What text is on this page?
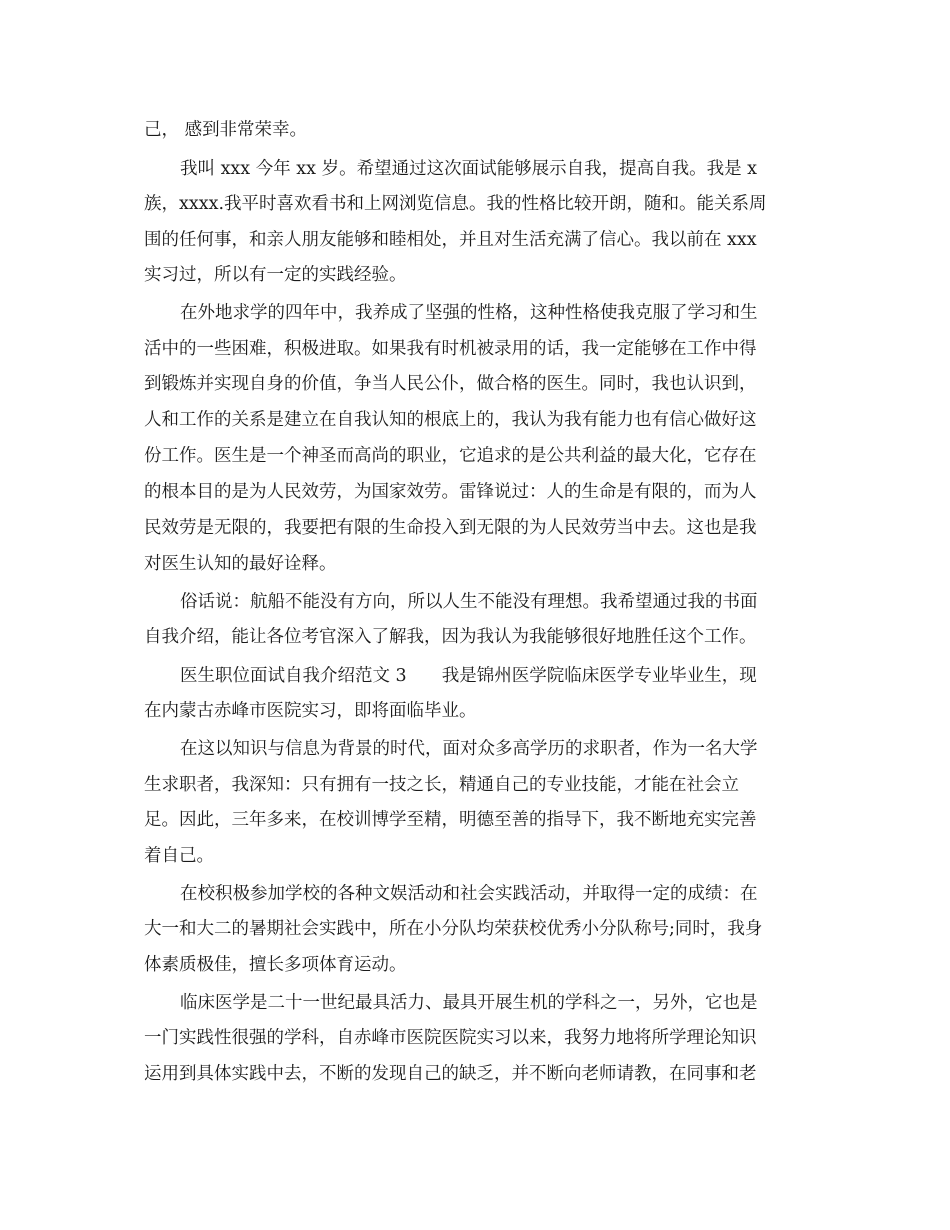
己， 感到非常荣幸。

我叫 xxx 今年 xx 岁。希望通过这次面试能够展示自我，提高自我。我是 x

族，xxxx.我平时喜欢看书和上网浏览信息。我的性格比较开朗，随和。能关系周

围的任何事，和亲人朋友能够和睦相处，并且对生活充满了信心。我以前在 xxx

实习过，所以有一定的实践经验。

在外地求学的四年中，我养成了坚强的性格，这种性格使我克服了学习和生

活中的一些困难，积极进取。如果我有时机被录用的话，我一定能够在工作中得

到锻炼并实现自身的价值，争当人民公仆，做合格的医生。同时，我也认识到，

人和工作的关系是建立在自我认知的根底上的，我认为我有能力也有信心做好这

份工作。医生是一个神圣而高尚的职业，它追求的是公共利益的最大化，它存在

的根本目的是为人民效劳，为国家效劳。雷锋说过：人的生命是有限的，而为人

民效劳是无限的，我要把有限的生命投入到无限的为人民效劳当中去。这也是我

对医生认知的最好诠释。

俗话说：航船不能没有方向，所以人生不能没有理想。我希望通过我的书面

自我介绍，能让各位考官深入了解我，因为我认为我能够很好地胜任这个工作。

医生职位面试自我介绍范文 3　　我是锦州医学院临床医学专业毕业生，现

在内蒙古赤峰市医院实习，即将面临毕业。

在这以知识与信息为背景的时代，面对众多高学历的求职者，作为一名大学

生求职者，我深知：只有拥有一技之长，精通自己的专业技能，才能在社会立

足。因此，三年多来，在校训博学至精，明德至善的指导下，我不断地充实完善

着自己。

在校积极参加学校的各种文娱活动和社会实践活动，并取得一定的成绩：在

大一和大二的暑期社会实践中，所在小分队均荣获校优秀小分队称号;同时，我身

体素质极佳，擅长多项体育运动。

临床医学是二十一世纪最具活力、最具开展生机的学科之一，另外，它也是

一门实践性很强的学科，自赤峰市医院医院实习以来，我努力地将所学理论知识

运用到具体实践中去，不断的发现自己的缺乏，并不断向老师请教，在同事和老
